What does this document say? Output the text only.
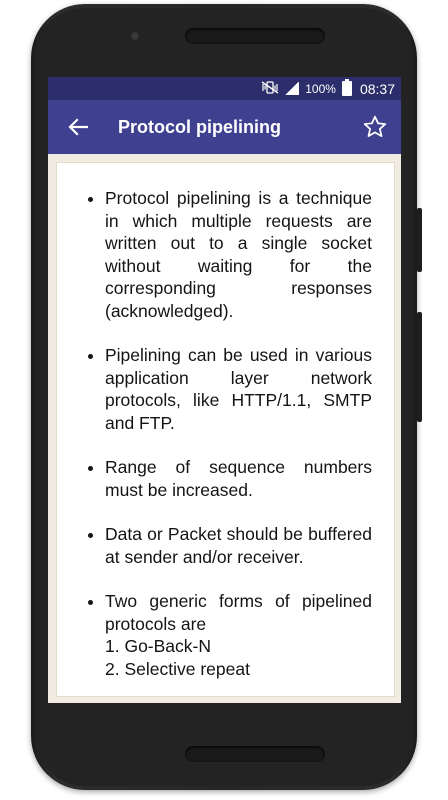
100% 08:37
Protocol pipelining
• Protocol pipelining is a technique in which multiple requests are written out to a single socket without waiting for the corresponding responses (acknowledged).
• Pipelining can be used in various application layer network protocols, like HTTP/1.1, SMTP and FTP.
• Range of sequence numbers must be increased.
• Data or Packet should be buffered at sender and/or receiver.
• Two generic forms of pipelined protocols are
1. Go-Back-N
2. Selective repeat
